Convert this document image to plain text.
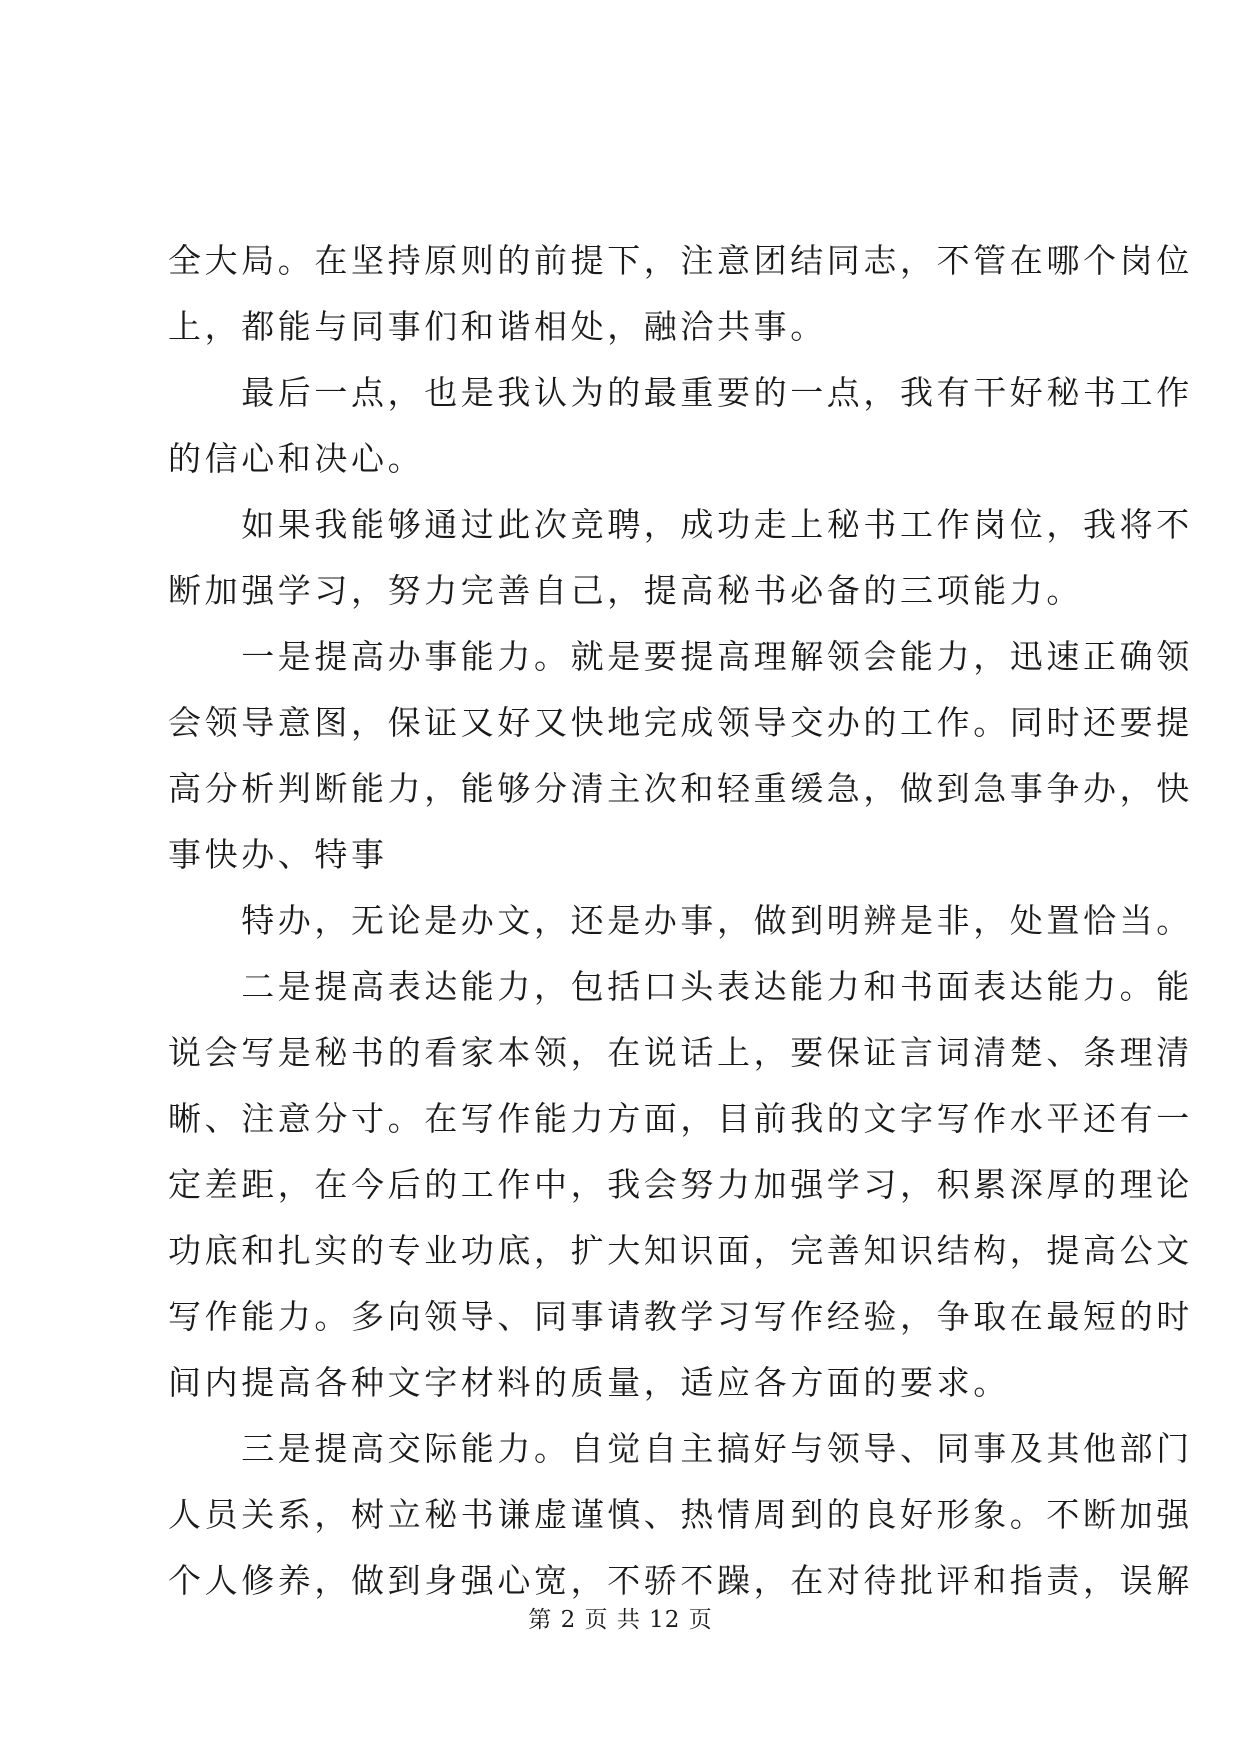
全大局。在坚持原则的前提下，注意团结同志，不管在哪个岗位
上，都能与同事们和谐相处，融洽共事。
　　最后一点，也是我认为的最重要的一点，我有干好秘书工作
的信心和决心。
　　如果我能够通过此次竞聘，成功走上秘书工作岗位，我将不
断加强学习，努力完善自己，提高秘书必备的三项能力。
　　一是提高办事能力。就是要提高理解领会能力，迅速正确领
会领导意图，保证又好又快地完成领导交办的工作。同时还要提
高分析判断能力，能够分清主次和轻重缓急，做到急事争办，快
事快办、特事
　　特办，无论是办文，还是办事，做到明辨是非，处置恰当。
　　二是提高表达能力，包括口头表达能力和书面表达能力。能
说会写是秘书的看家本领，在说话上，要保证言词清楚、条理清
晰、注意分寸。在写作能力方面，目前我的文字写作水平还有一
定差距，在今后的工作中，我会努力加强学习，积累深厚的理论
功底和扎实的专业功底，扩大知识面，完善知识结构，提高公文
写作能力。多向领导、同事请教学习写作经验，争取在最短的时
间内提高各种文字材料的质量，适应各方面的要求。
　　三是提高交际能力。自觉自主搞好与领导、同事及其他部门
人员关系，树立秘书谦虚谨慎、热情周到的良好形象。不断加强
个人修养，做到身强心宽，不骄不躁，在对待批评和指责，误解
第 2 页 共 12 页
